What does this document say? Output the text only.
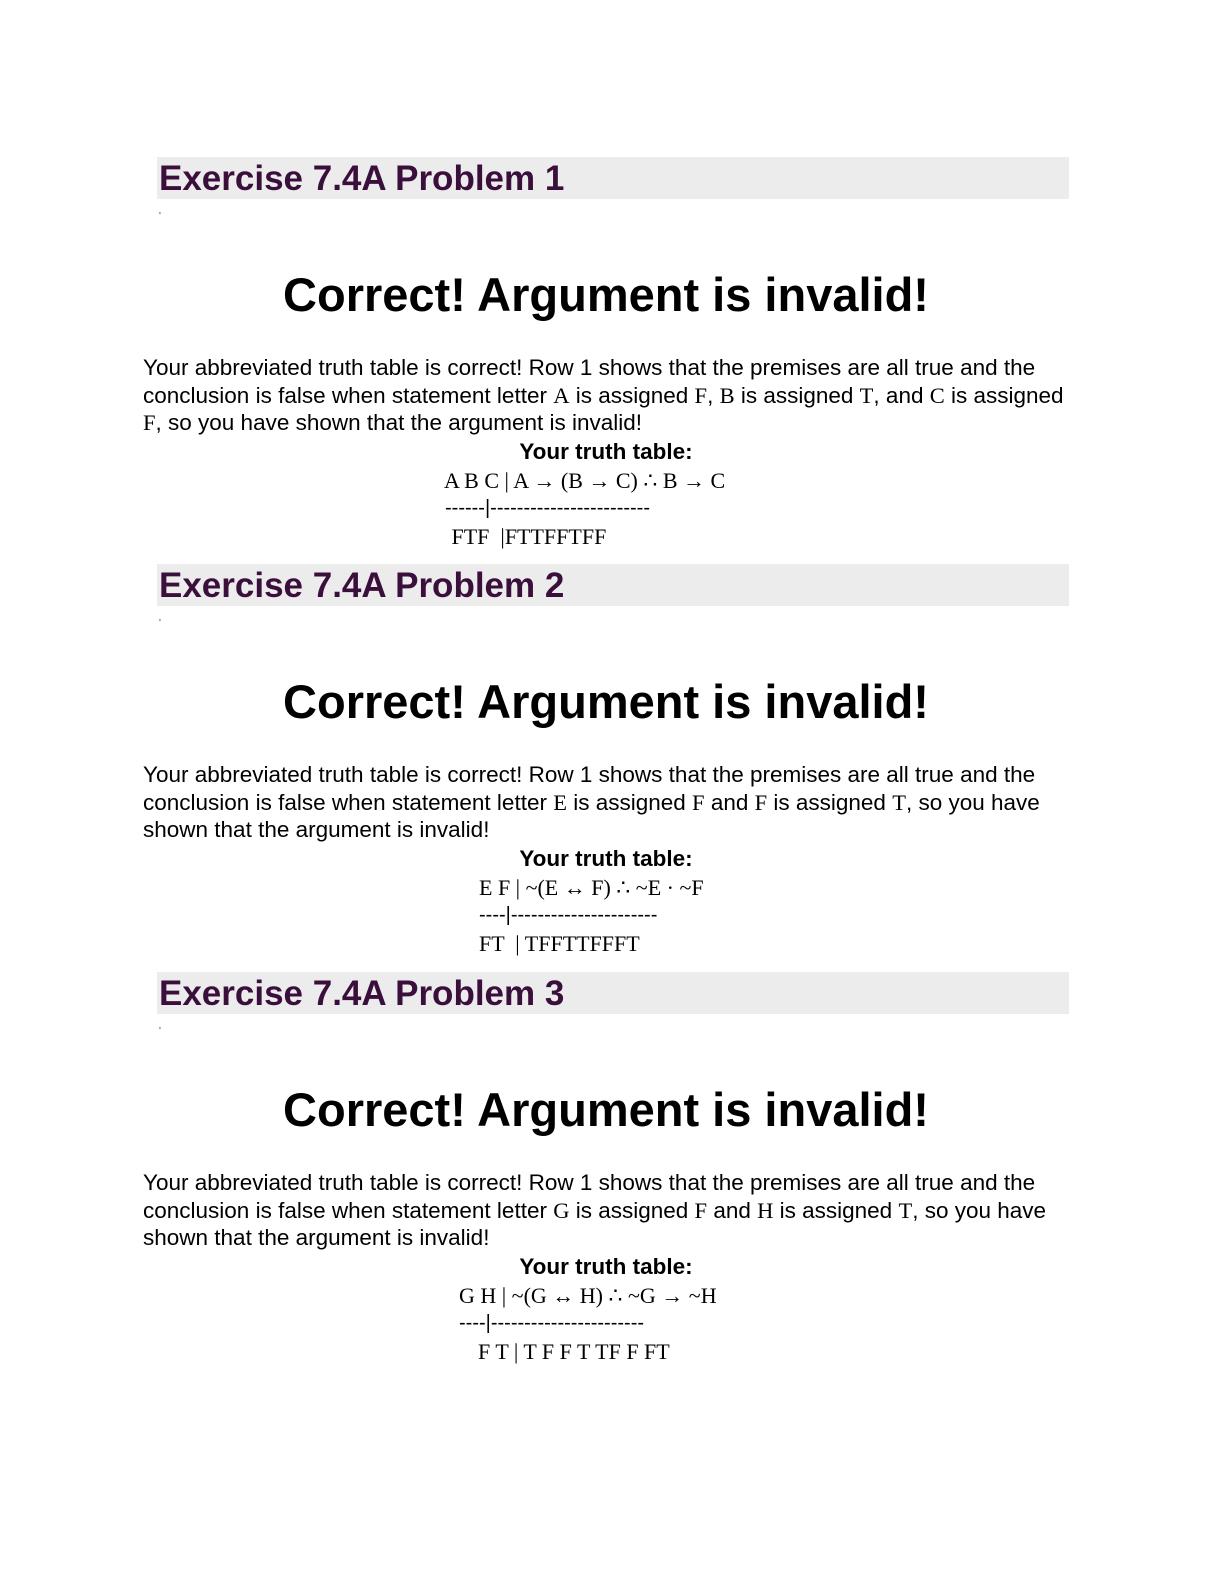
Exercise 7.4A Problem 1
'
Correct! Argument is invalid!
Your abbreviated truth table is correct! Row 1 shows that the premises are all true and the conclusion is false when statement letter A is assigned F, B is assigned T, and C is assigned F, so you have shown that the argument is invalid!
Your truth table:
A B C | A → (B → C) ∴ B → C
------|------------------------
FTF  |FTTFFTFF
Exercise 7.4A Problem 2
'
Correct! Argument is invalid!
Your abbreviated truth table is correct! Row 1 shows that the premises are all true and the conclusion is false when statement letter E is assigned F and F is assigned T, so you have shown that the argument is invalid!
Your truth table:
E F | ~(E ↔ F) ∴ ~E · ~F
----|----------------------
FT  | TFFTTFFFT
Exercise 7.4A Problem 3
'
Correct! Argument is invalid!
Your abbreviated truth table is correct! Row 1 shows that the premises are all true and the conclusion is false when statement letter G is assigned F and H is assigned T, so you have shown that the argument is invalid!
Your truth table:
G H | ~(G ↔ H) ∴ ~G → ~H
----|-----------------------
F T | T F F T TF F FT
